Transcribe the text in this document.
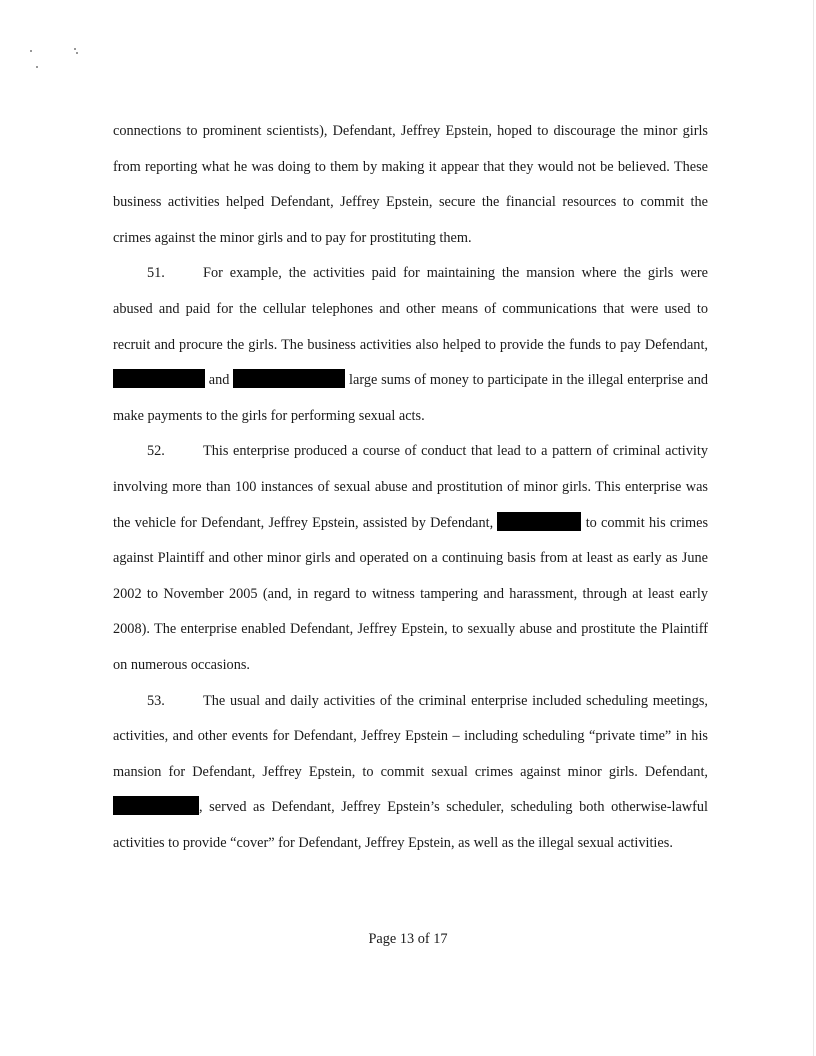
connections to prominent scientists), Defendant, Jeffrey Epstein, hoped to discourage the minor girls from reporting what he was doing to them by making it appear that they would not be believed. These business activities helped Defendant, Jeffrey Epstein, secure the financial resources to commit the crimes against the minor girls and to pay for prostituting them.

51.	For example, the activities paid for maintaining the mansion where the girls were abused and paid for the cellular telephones and other means of communications that were used to recruit and procure the girls. The business activities also helped to provide the funds to pay Defendant,  and	large sums of money to participate in the illegal enterprise and make payments to the girls for performing sexual acts.

52.	This enterprise produced a course of conduct that lead to a pattern of criminal activity involving more than 100 instances of sexual abuse and prostitution of minor girls. This enterprise was the vehicle for Defendant, Jeffrey Epstein, assisted by Defendant,	to commit his crimes against Plaintiff and other minor girls and operated on a continuing basis from at least as early as June 2002 to November 2005 (and, in regard to witness tampering and harassment, through at least early 2008). The enterprise enabled Defendant, Jeffrey Epstein, to sexually abuse and prostitute the Plaintiff on numerous occasions.

53.	The usual and daily activities of the criminal enterprise included scheduling meetings, activities, and other events for Defendant, Jeffrey Epstein – including scheduling “private time” in his mansion for Defendant, Jeffrey Epstein, to commit sexual crimes against minor girls. Defendant, , served as Defendant, Jeffrey Epstein’s scheduler, scheduling both otherwise-lawful activities to provide “cover” for Defendant, Jeffrey Epstein, as well as the illegal sexual activities.

Page 13 of 17
